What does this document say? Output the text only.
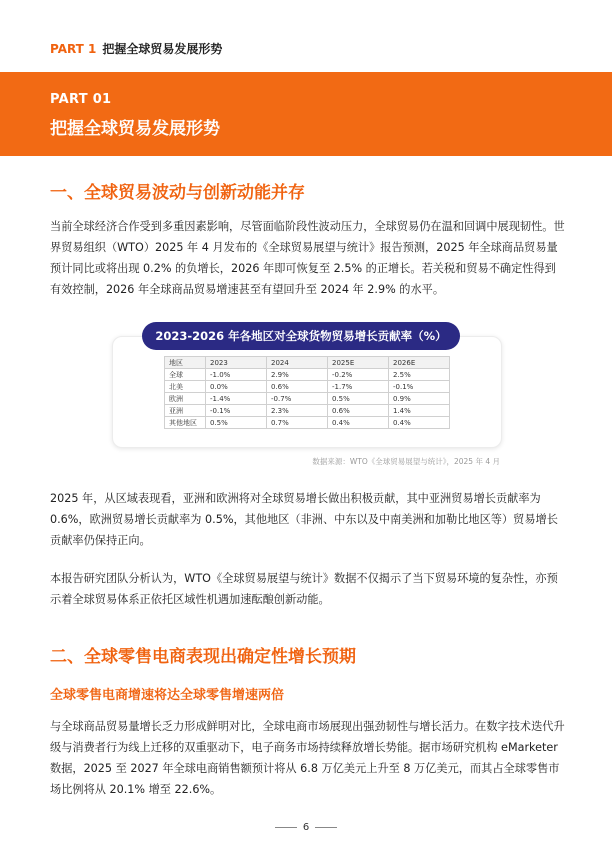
PART 1 把握全球贸易发展形势
PART 01
把握全球贸易发展形势
一、全球贸易波动与创新动能并存

当前全球经济合作受到多重因素影响，尽管面临阶段性波动压力，全球贸易仍在温和回调中展现韧性。世界贸易组织（WTO）2025 年 4 月发布的《全球贸易展望与统计》报告预测，2025 年全球商品贸易量预计同比或将出现 0.2% 的负增长，2026 年即可恢复至 2.5% 的正增长。若关税和贸易不确定性得到有效控制，2026 年全球商品贸易增速甚至有望回升至 2024 年 2.9% 的水平。

2023-2026 年各地区对全球货物贸易增长贡献率（%）
地区	2023	2024	2025E	2026E
全球	-1.0%	2.9%	-0.2%	2.5%
北美	0.0%	0.6%	-1.7%	-0.1%
欧洲	-1.4%	-0.7%	0.5%	0.9%
亚洲	-0.1%	2.3%	0.6%	1.4%
其他地区	0.5%	0.7%	0.4%	0.4%
数据来源：WTO《全球贸易展望与统计》，2025 年 4 月

2025 年，从区域表现看，亚洲和欧洲将对全球贸易增长做出积极贡献，其中亚洲贸易增长贡献率为 0.6%，欧洲贸易增长贡献率为 0.5%，其他地区（非洲、中东以及中南美洲和加勒比地区等）贸易增长贡献率仍保持正向。

本报告研究团队分析认为，WTO《全球贸易展望与统计》数据不仅揭示了当下贸易环境的复杂性，亦预示着全球贸易体系正依托区域性机遇加速酝酿创新动能。

二、全球零售电商表现出确定性增长预期
全球零售电商增速将达全球零售增速两倍

与全球商品贸易量增长乏力形成鲜明对比，全球电商市场展现出强劲韧性与增长活力。在数字技术迭代升级与消费者行为线上迁移的双重驱动下，电子商务市场持续释放增长势能。据市场研究机构 eMarketer 数据，2025 至 2027 年全球电商销售额预计将从 6.8 万亿美元上升至 8 万亿美元，而其占全球零售市场比例将从 20.1% 增至 22.6%。

6
